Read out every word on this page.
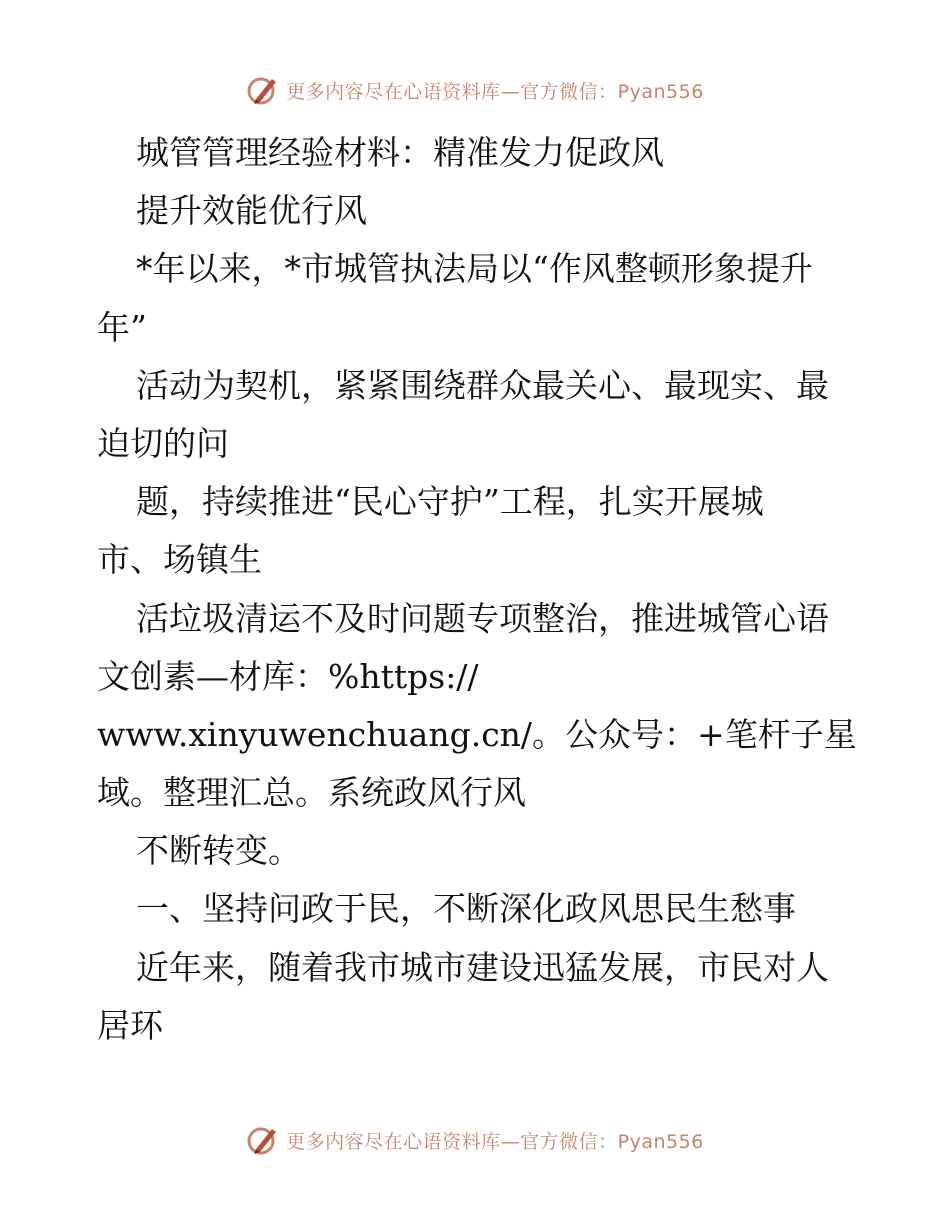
更多内容尽在心语资料库—官方微信：Pyan556
城管管理经验材料：精准发力促政风
提升效能优行风
*年以来，*市城管执法局以“作风整顿形象提升
年”
活动为契机，紧紧围绕群众最关心、最现实、最
迫切的问
题，持续推进“民心守护”工程，扎实开展城
市、场镇生
活垃圾清运不及时问题专项整治，推进城管心语
文创素—材库：%https://
www.xinyuwenchuang.cn/。公众号：+笔杆子星
域。整理汇总。系统政风行风
不断转变。
一、坚持问政于民，不断深化政风思民生愁事
近年来，随着我市城市建设迅猛发展，市民对人
居环
更多内容尽在心语资料库—官方微信：Pyan556
